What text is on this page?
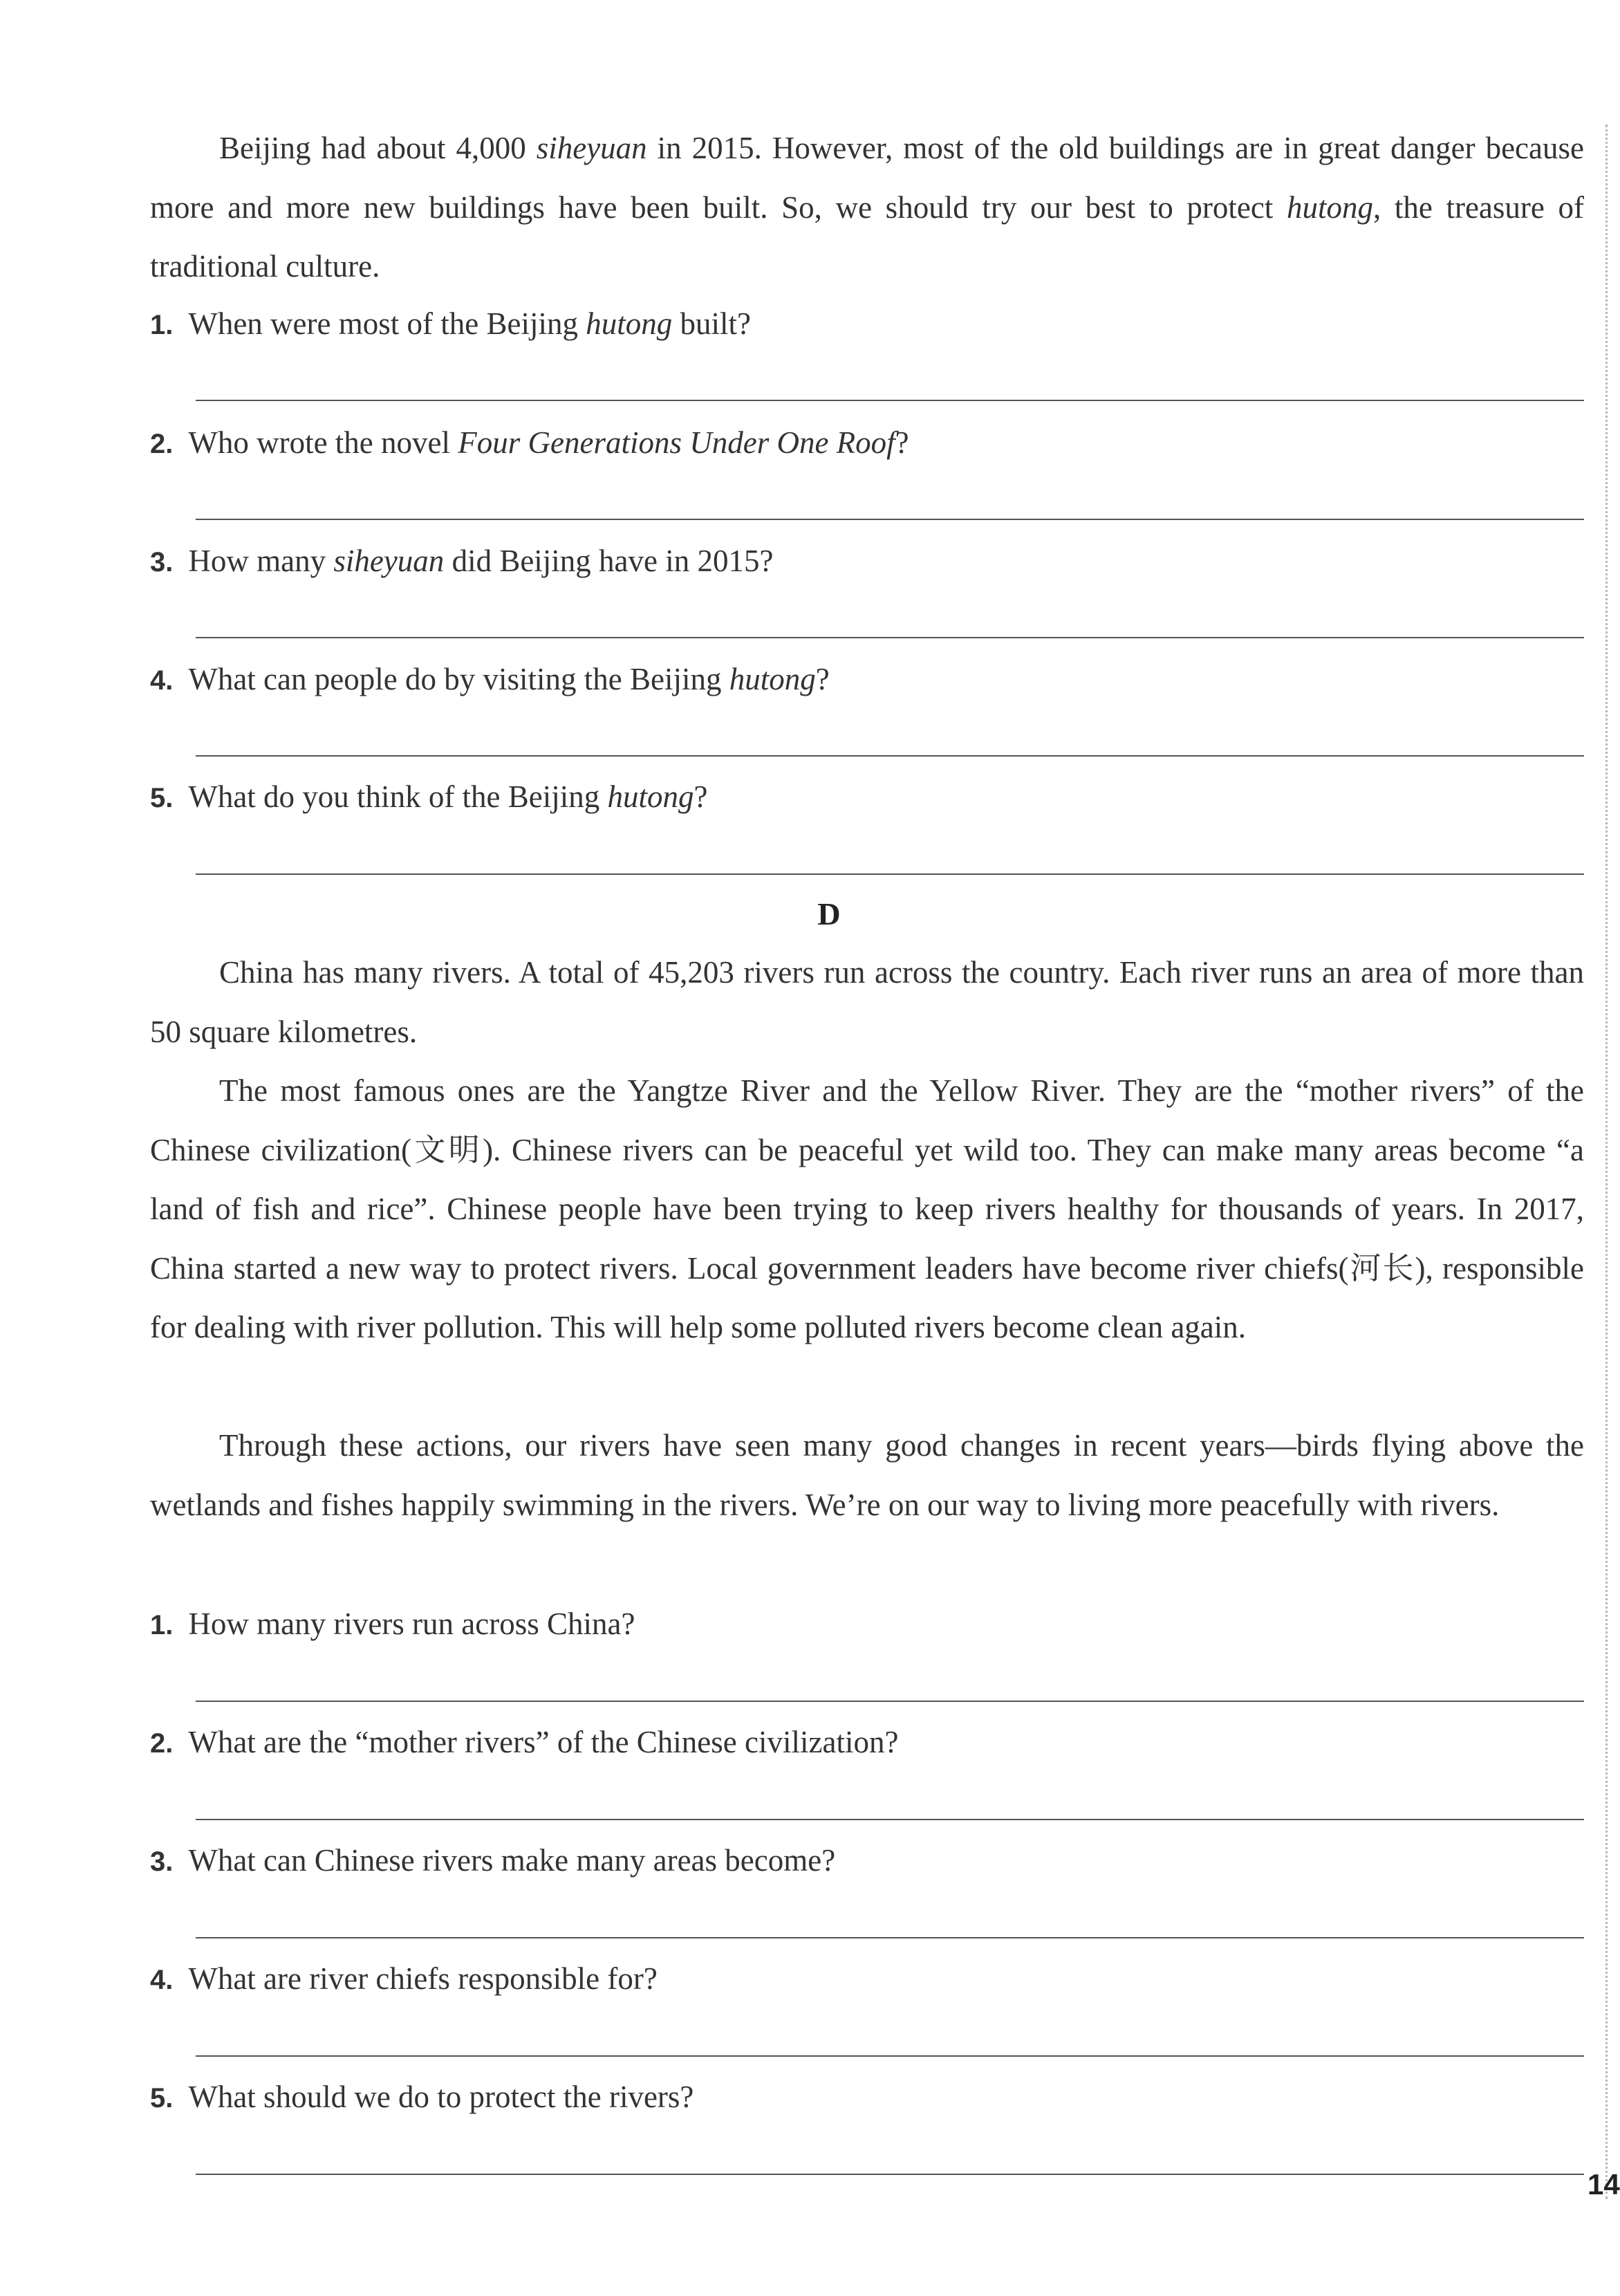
Beijing had about 4,000 siheyuan in 2015. However, most of the old buildings are in great danger because more and more new buildings have been built. So, we should try our best to protect hutong, the treasure of traditional culture.

1. When were most of the Beijing hutong built?
2. Who wrote the novel Four Generations Under One Roof?
3. How many siheyuan did Beijing have in 2015?
4. What can people do by visiting the Beijing hutong?
5. What do you think of the Beijing hutong?
D

China has many rivers. A total of 45,203 rivers run across the country. Each river runs an area of more than 50 square kilometres.

The most famous ones are the Yangtze River and the Yellow River. They are the “mother rivers” of the Chinese civilization(文明). Chinese rivers can be peaceful yet wild too. They can make many areas become “a land of fish and rice”. Chinese people have been trying to keep rivers healthy for thousands of years. In 2017, China started a new way to protect rivers. Local government leaders have become river chiefs(河长), responsible for dealing with river pollution. This will help some polluted rivers become clean again.

Through these actions, our rivers have seen many good changes in recent years—birds flying above the wetlands and fishes happily swimming in the rivers. We’re on our way to living more peacefully with rivers.

1. How many rivers run across China?
2. What are the “mother rivers” of the Chinese civilization?
3. What can Chinese rivers make many areas become?
4. What are river chiefs responsible for?
5. What should we do to protect the rivers?
14
